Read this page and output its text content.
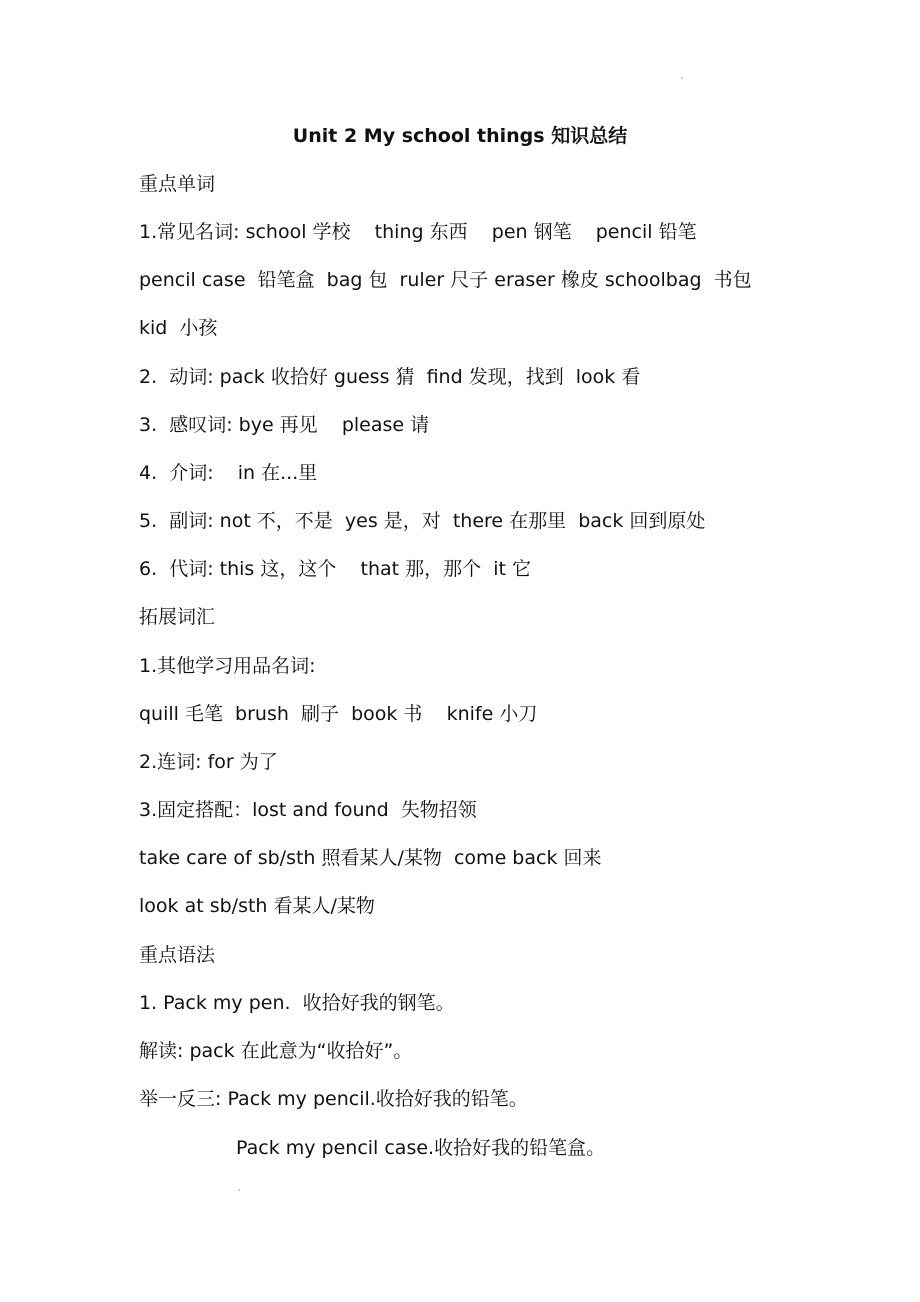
Unit 2 My school things 知识总结
重点单词
1.常见名词: school 学校    thing 东西    pen 钢笔    pencil 铅笔
pencil case  铅笔盒  bag 包  ruler 尺子 eraser 橡皮 schoolbag  书包
kid  小孩
2.  动词: pack 收拾好 guess 猜  find 发现，找到  look 看
3.  感叹词: bye 再见    please 请
4.  介词:    in 在...里
5.  副词: not 不，不是  yes 是，对  there 在那里  back 回到原处
6.  代词: this 这，这个    that 那，那个  it 它
拓展词汇
1.其他学习用品名词:
quill 毛笔  brush  刷子  book 书    knife 小刀
2.连词: for 为了
3.固定搭配：lost and found  失物招领
take care of sb/sth 照看某人/某物  come back 回来
look at sb/sth 看某人/某物
重点语法
1. Pack my pen.  收拾好我的钢笔。
解读: pack 在此意为“收拾好”。
举一反三: Pack my pencil.收拾好我的铅笔。
Pack my pencil case.收拾好我的铅笔盒。
